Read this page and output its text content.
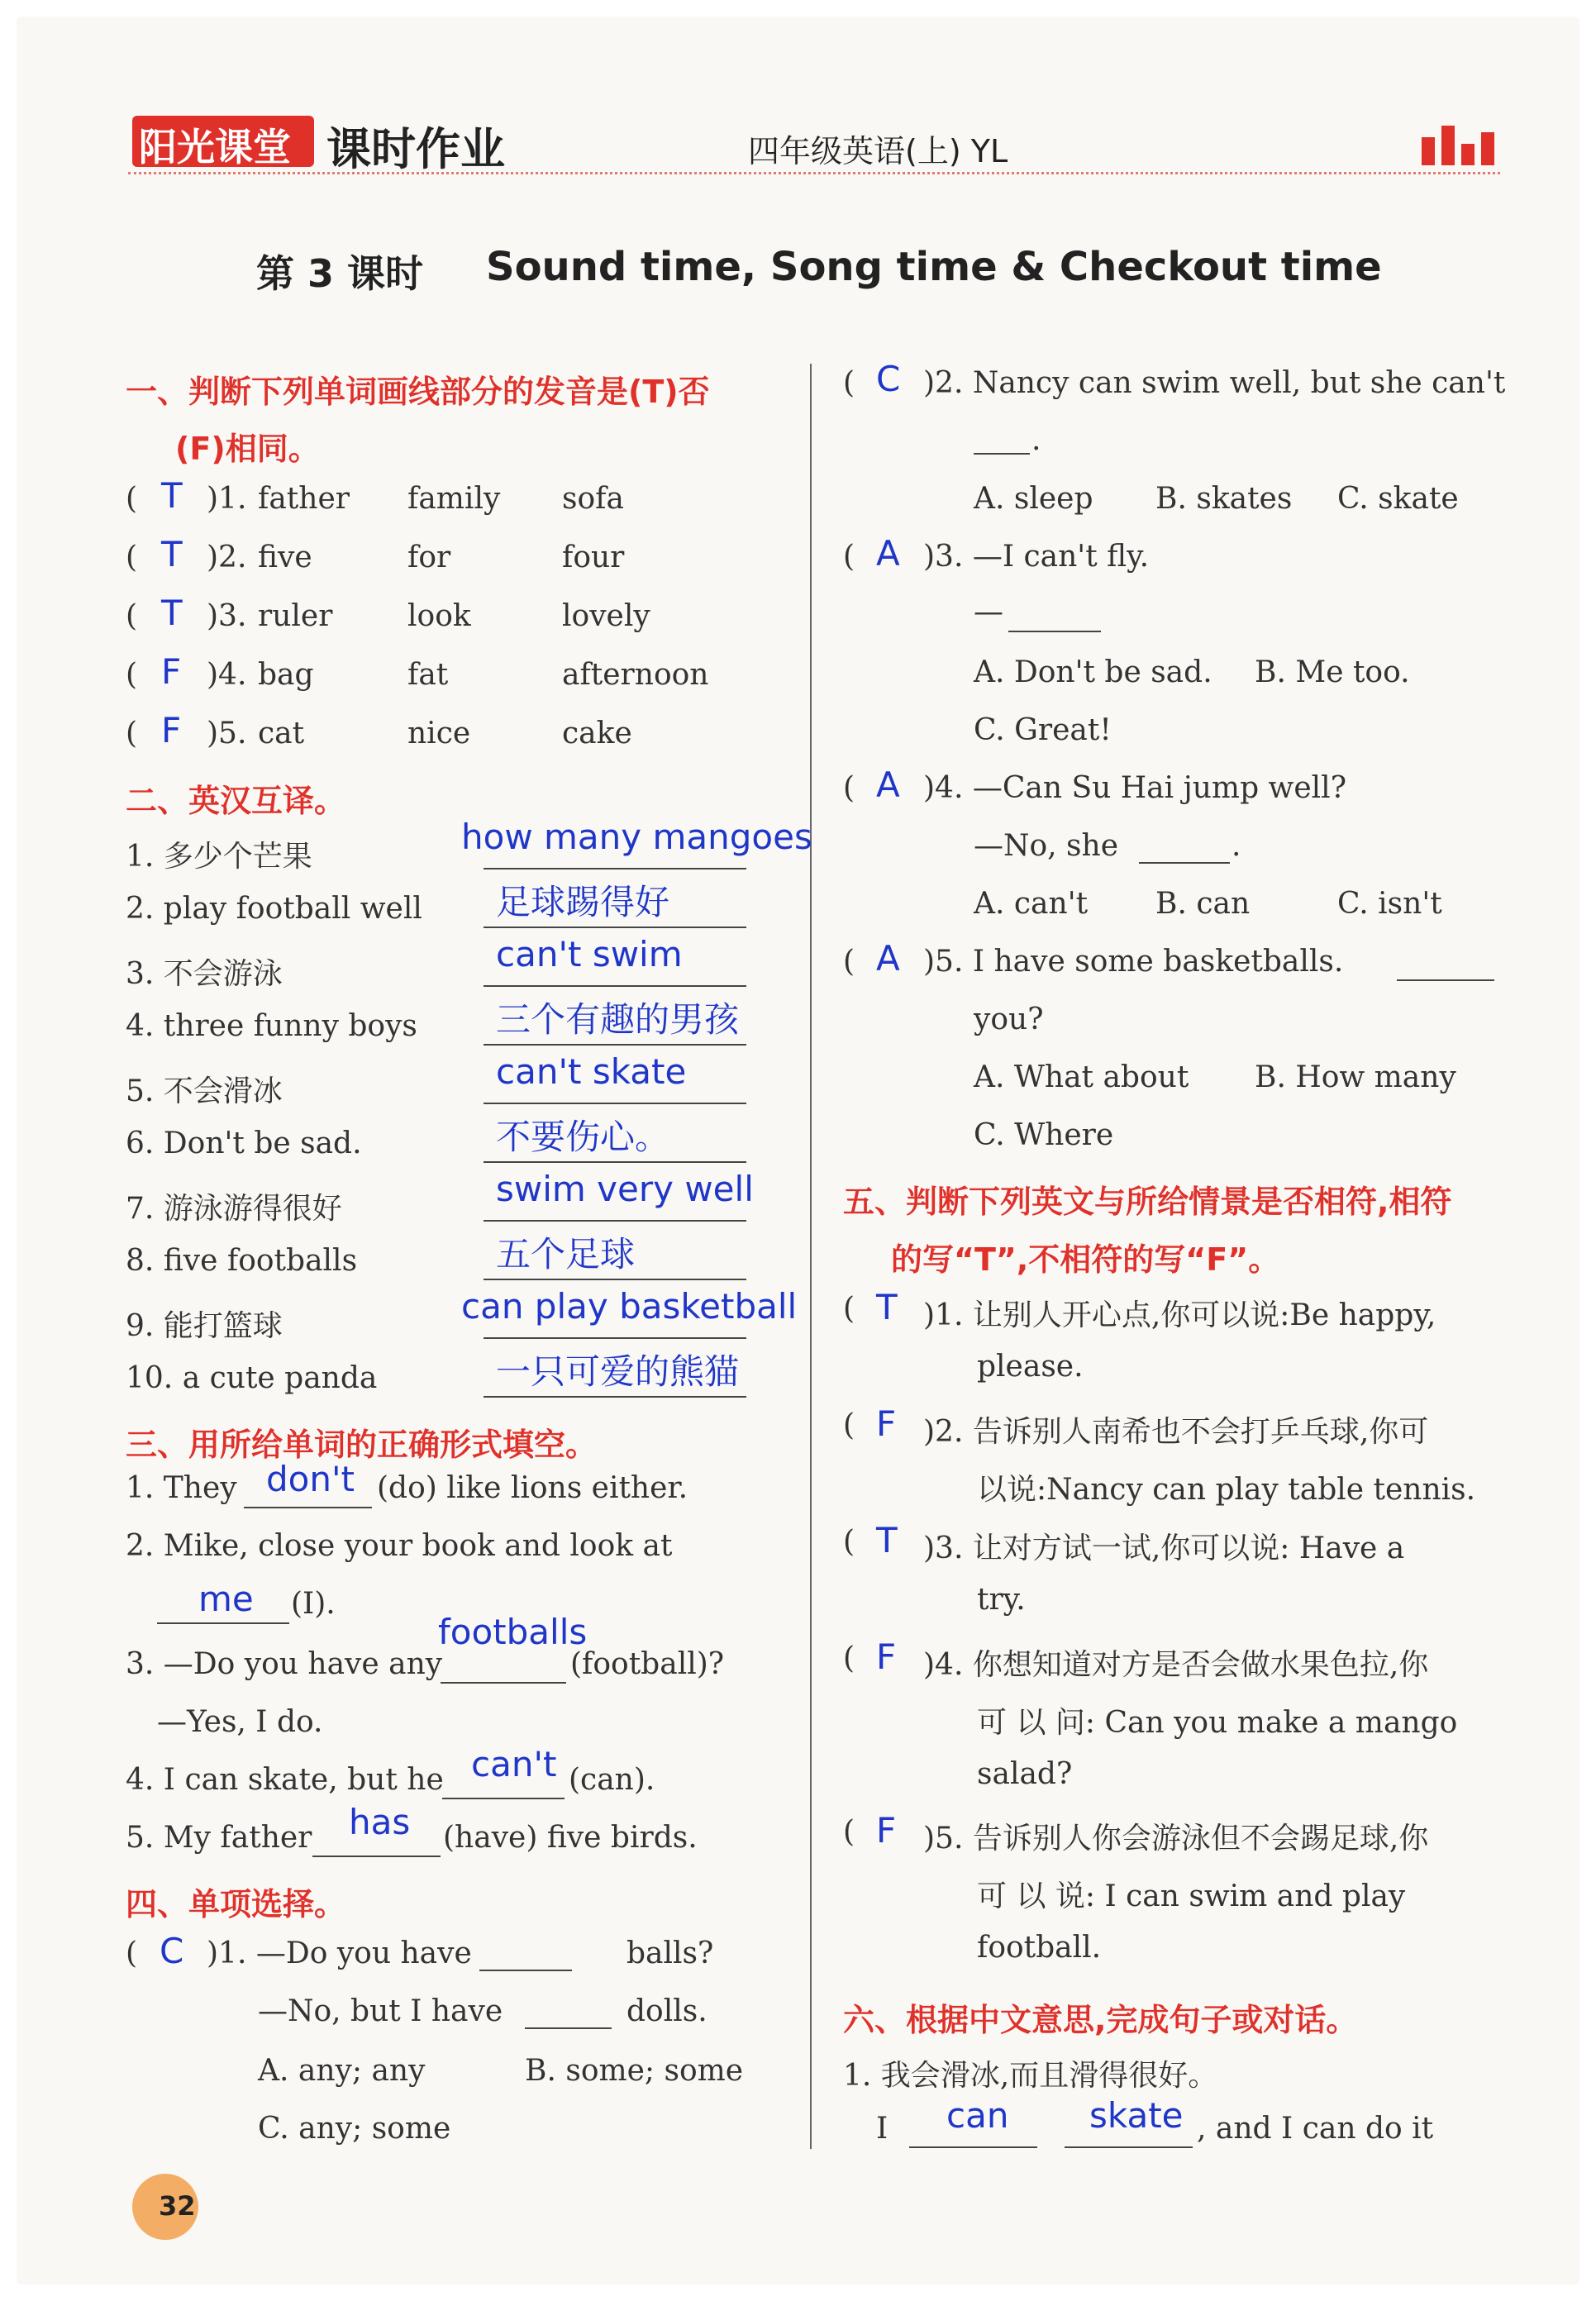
阳光课堂 课时作业	四年级英语(上) YL
第 3 课时 Sound time, Song time & Checkout time
一、判断下列单词画线部分的发音是(T)否
(F)相同。
( T )1. father family sofa
( T )2. five	for	four
( T )3. ruler	look	lovely
( F )4. bag	fat	afternoon
( F )5. cat	nice	cake
二、英汉互译。
1. 多少个芒果	how many mangoes
2. play football well 足球踢得好
3. 不会游泳	can't swim
4. three funny boys 三个有趣的男孩
5. 不会滑冰	can't skate
6. Don't be sad.	不要伤心。
7. 游泳游得很好	swim very well
8. five footballs	五个足球
9. 能打篮球	can play basketball
10. a cute panda	一只可爱的熊猫
三、用所给单词的正确形式填空。
1. They don't (do) like lions either.
2. Mike, close your book and look at
me (I).
footballs
3. —Do you have any	(football)?
—Yes, I do.
4. I can skate, but he can't (can).
5. My father has (have) five birds.
四、单项选择。
( C )1. —Do you have	balls?
—No, but I have	dolls.
A. any; any	B. some; some
C. any; some
( C )2. Nancy can swim well, but she can't
.
A. sleep B. skates C. skate
( A )3. —I can't fly.
—
A. Don't be sad. B. Me too.
C. Great!
( A )4. —Can Su Hai jump well?
—No, she	.
A. can't B. can	C. isn't
( A )5. I have some basketballs.
you?
A. What about B. How many
C. Where
五、判断下列英文与所给情景是否相符,相符
的写“T”,不相符的写“F”。
( T )1. 让别人开心点,你可以说:Be happy,
please.
( F )2. 告诉别人南希也不会打乒乓球,你可
以说:Nancy can play table tennis.
( T )3. 让对方试一试,你可以说: Have a
try.
( F )4. 你想知道对方是否会做水果色拉,你
可 以 问: Can you make a mango
salad?
( F )5. 告诉别人你会游泳但不会踢足球,你
可 以 说: I can swim and play
football.
六、根据中文意思,完成句子或对话。
1. 我会滑冰,而且滑得很好。
I can skate , and I can do it
32
